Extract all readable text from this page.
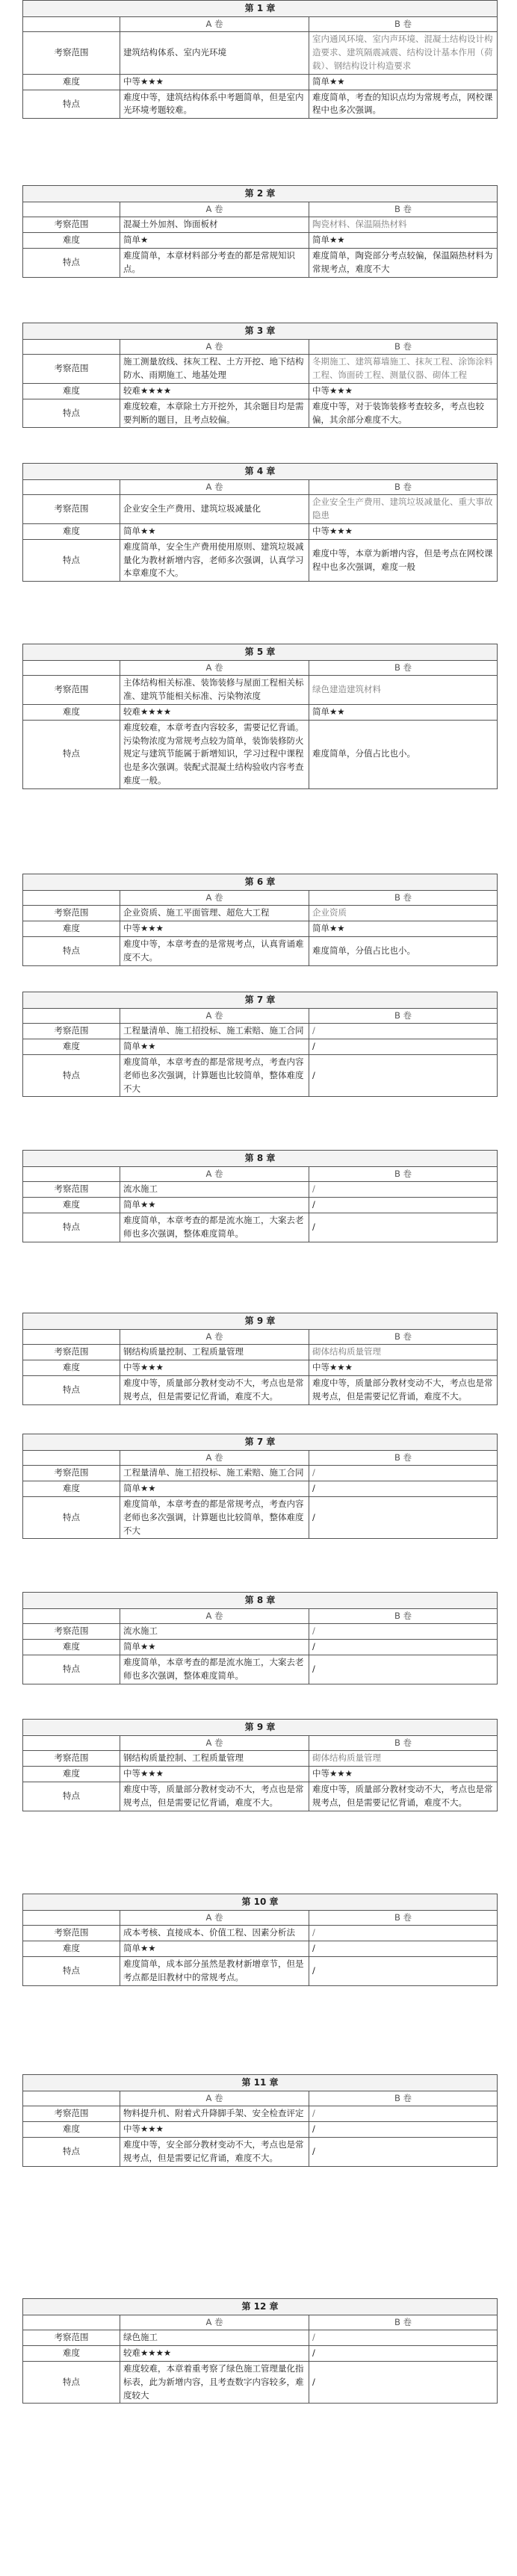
第 1 章		
	A 卷	B 卷
考察范围	建筑结构体系、室内光环境	室内通风环境、室内声环境、混凝土结构设计构造要求、建筑隔震减震、结构设计基本作用（荷载）、钢结构设计构造要求
难度	中等★★★	简单★★
特点	难度中等，建筑结构体系中考题简单，但是室内光环境考题较难。	难度简单，考查的知识点均为常规考点，网校课程中也多次强调。
第 2 章		
	A 卷	B 卷
考察范围	混凝土外加剂、饰面板材	陶瓷材料、保温隔热材料
难度	简单★	简单★★
特点	难度简单，本章材料部分考查的都是常规知识点。	难度简单，陶瓷部分考点较偏，保温隔热材料为常规考点，难度不大
第 3 章		
	A 卷	B 卷
考察范围	施工测量放线、抹灰工程、土方开挖、地下结构防水、雨期施工、地基处理	冬期施工、建筑幕墙施工、抹灰工程、涂饰涂料工程、饰面砖工程、测量仪器、砌体工程
难度	较难★★★★	中等★★★
特点	难度较难，本章除土方开挖外，其余题目均是需要判断的题目，且考点较偏。	难度中等，对于装饰装修考查较多，考点也较偏，其余部分难度不大。
第 4 章		
	A 卷	B 卷
考察范围	企业安全生产费用、建筑垃圾减量化	企业安全生产费用、建筑垃圾减量化、重大事故隐患
难度	简单★★	中等★★★
特点	难度简单，安全生产费用使用原则、建筑垃圾减量化为教材新增内容，老师多次强调，认真学习本章难度不大。	难度中等，本章为新增内容，但是考点在网校课程中也多次强调，难度一般
第 5 章		
	A 卷	B 卷
考察范围	主体结构相关标准、装饰装修与屋面工程相关标准、建筑节能相关标准、污染物浓度	绿色建造建筑材料
难度	较难★★★★	简单★★
特点	难度较难，本章考查内容较多，需要记忆背诵。污染物浓度为常规考点较为简单，装饰装修防火规定与建筑节能属于新增知识，学习过程中课程也是多次强调。装配式混凝土结构验收内容考查难度一般。	难度简单，分值占比也小。
第 6 章		
	A 卷	B 卷
考察范围	企业资质、施工平面管理、超危大工程	企业资质
难度	中等★★★	简单★★
特点	难度中等，本章考查的是常规考点，认真背诵难度不大。	难度简单，分值占比也小。
第 7 章		
	A 卷	B 卷
考察范围	工程量清单、施工招投标、施工索赔、施工合同	/
难度	简单★★	/
特点	难度简单，本章考查的都是常规考点，考查内容老师也多次强调，计算题也比较简单，整体难度不大	/
第 8 章		
	A 卷	B 卷
考察范围	流水施工	/
难度	简单★★	/
特点	难度简单，本章考查的都是流水施工，大案去老师也多次强调，整体难度简单。	/
第 9 章		
	A 卷	B 卷
考察范围	钢结构质量控制、工程质量管理	砌体结构质量管理
难度	中等★★★	中等★★★
特点	难度中等，质量部分教材变动不大，考点也是常规考点，但是需要记忆背诵，难度不大。	难度中等，质量部分教材变动不大，考点也是常规考点，但是需要记忆背诵，难度不大。
第 7 章		
	A 卷	B 卷
考察范围	工程量清单、施工招投标、施工索赔、施工合同	/
难度	简单★★	/
特点	难度简单，本章考查的都是常规考点，考查内容老师也多次强调，计算题也比较简单，整体难度不大	/
第 8 章		
	A 卷	B 卷
考察范围	流水施工	/
难度	简单★★	/
特点	难度简单，本章考查的都是流水施工，大案去老师也多次强调，整体难度简单。	/
第 9 章		
	A 卷	B 卷
考察范围	钢结构质量控制、工程质量管理	砌体结构质量管理
难度	中等★★★	中等★★★
特点	难度中等，质量部分教材变动不大，考点也是常规考点，但是需要记忆背诵，难度不大。	难度中等，质量部分教材变动不大，考点也是常规考点，但是需要记忆背诵，难度不大。
第 10 章		
	A 卷	B 卷
考察范围	成本考核、直接成本、价值工程、因素分析法	/
难度	简单★★	/
特点	难度简单，成本部分虽然是教材新增章节，但是考点都是旧教材中的常规考点。	/
第 11 章		
	A 卷	B 卷
考察范围	物料提升机、附着式升降脚手架、安全检查评定	/
难度	中等★★★	/
特点	难度中等，安全部分教材变动不大，考点也是常规考点，但是需要记忆背诵，难度不大。	/
第 12 章		
	A 卷	B 卷
考察范围	绿色施工	/
难度	较难★★★★	/
特点	难度较难，本章着重考察了绿色施工管理量化指标表，此为新增内容，且考查数字内容较多，难度较大	/
